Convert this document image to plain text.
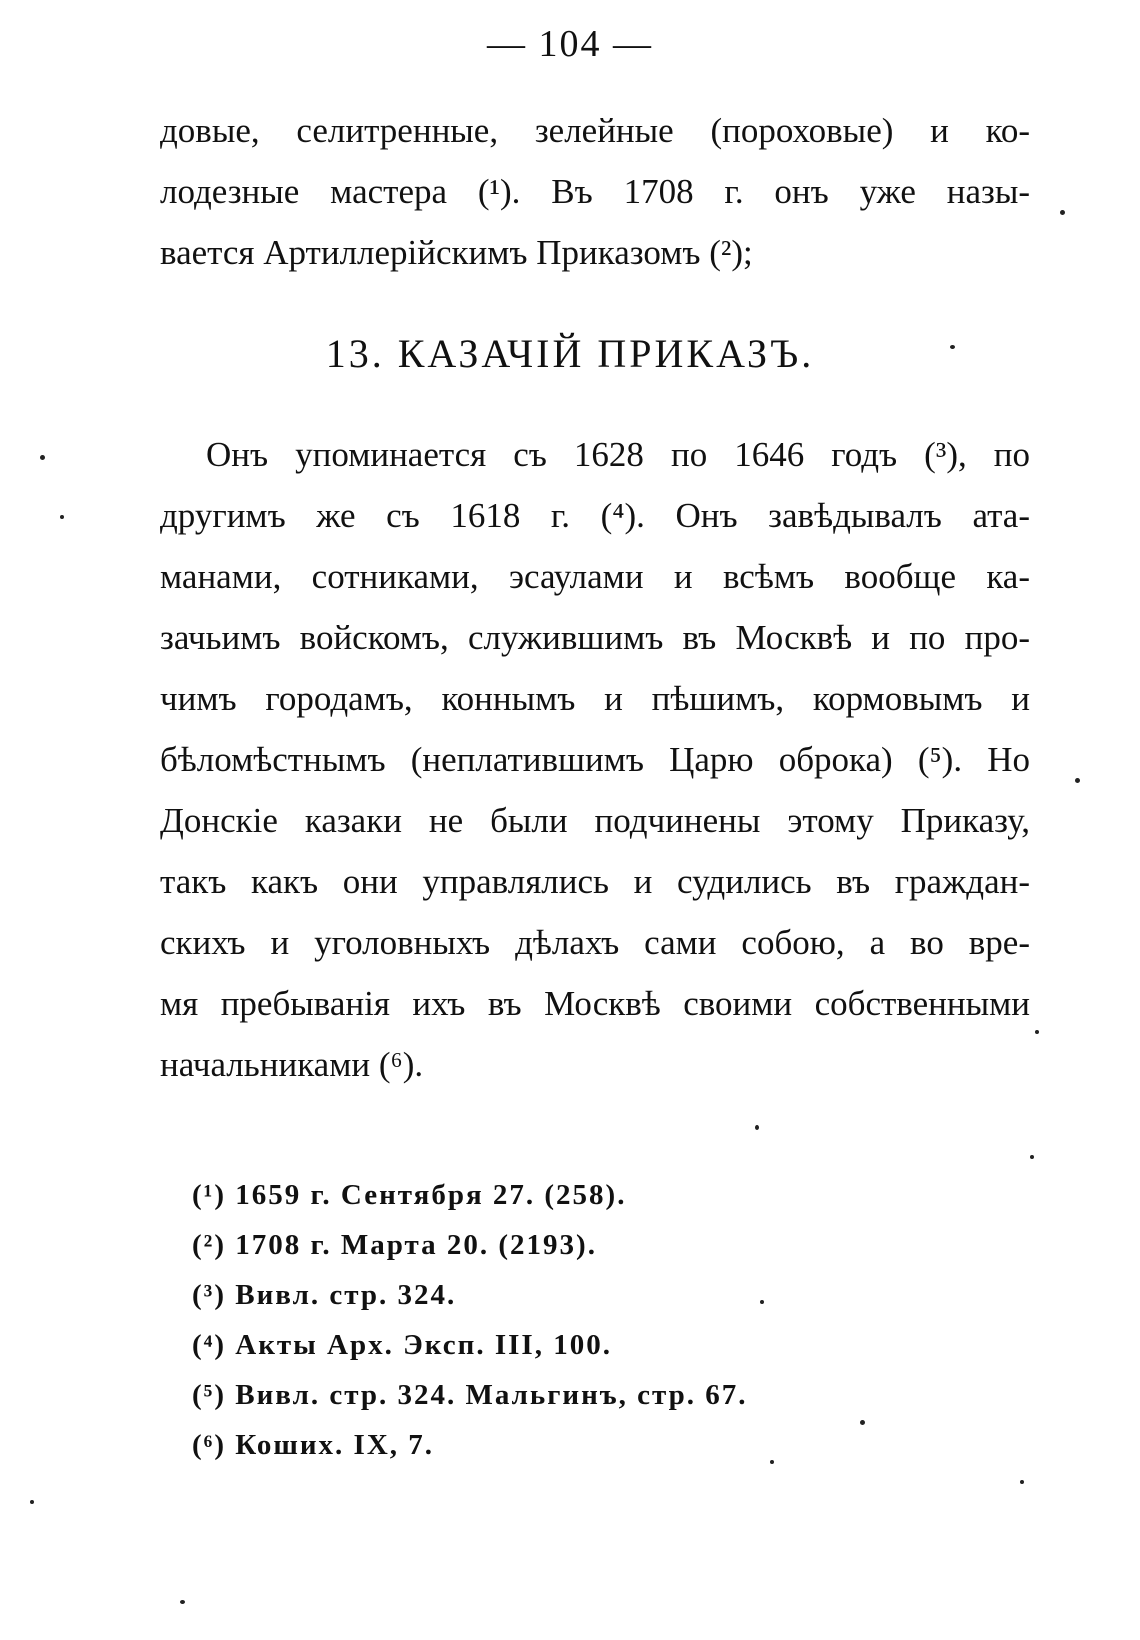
— 104 —
довые, селитренные, зелейные (пороховые) и ко-
лодезные мастера (¹). Въ 1708 г. онъ уже назы-
вается Артиллерійскимъ Приказомъ (²);
13. КАЗАЧІЙ ПРИКАЗЪ.
Онъ упоминается съ 1628 по 1646 годъ (³), по
другимъ же съ 1618 г. (⁴). Онъ завѣдывалъ ата-
манами, сотниками, эсаулами и всѣмъ вообще ка-
зачьимъ войскомъ, служившимъ въ Москвѣ и по про-
чимъ городамъ, коннымъ и пѣшимъ, кормовымъ и
бѣломѣстнымъ (неплатившимъ Царю оброка) (⁵). Но
Донскіе казаки не были подчинены этому Приказу,
такъ какъ они управлялись и судились въ граждан-
скихъ и уголовныхъ дѣлахъ сами собою, а во вре-
мя пребыванія ихъ въ Москвѣ своими собственными
начальниками (⁶).
(¹) 1659 г. Сентября 27. (258).
(²) 1708 г. Марта 20. (2193).
(³) Вивл. стр. 324.
(⁴) Акты Арх. Эксп. III, 100.
(⁵) Вивл. стр. 324. Мальгинъ, стр. 67.
(⁶) Коших. IX, 7.
